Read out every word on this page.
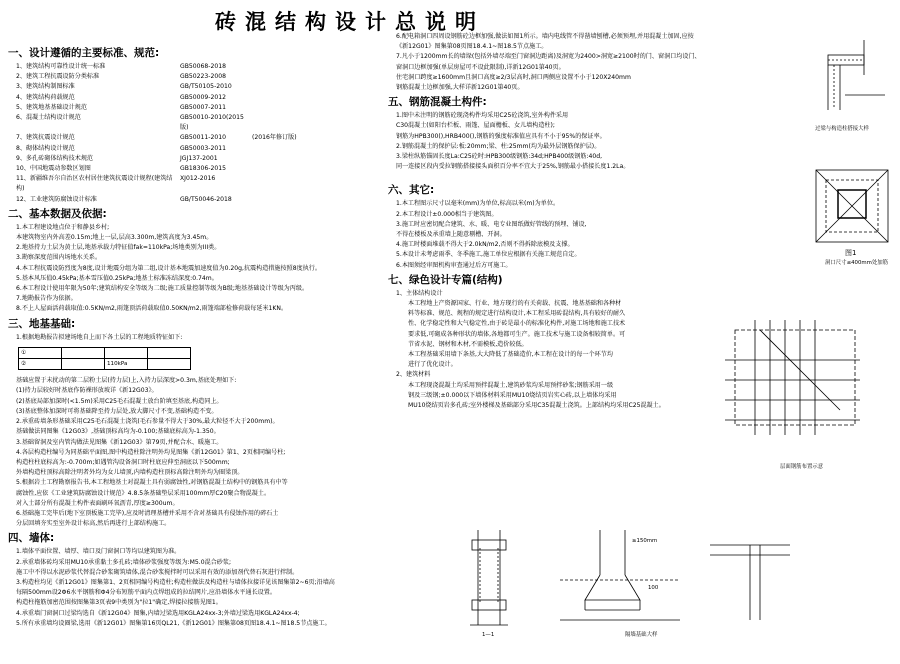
砖混结构设计总说明
一、设计遵循的主要标准、规范:
1、建筑结构可靠性设计统一标准	GB50068-2018
2、建筑工程抗震设防分类标准	GB50223-2008
3、建筑结构制图标准	GB/T50105-2010
4、建筑结构荷载规范	GB50009-2012
5、建筑地基基础设计规范	GB50007-2011
6、混凝土结构设计规范	GB50010-2010(2015版)
7、建筑抗震设计规范	GB50011-2010	(2016年修订版)
8、砌体结构设计规范	GB50003-2011
9、多孔砖砌体结构技术规范	JGJ137-2001
10、中国地震动参数区划图	GB18306-2015
11、新疆维吾尔自治区农村居住建筑抗震设计规程(建筑结构)
XJ012-2016
12、工业建筑防腐蚀设计标准	GB/T50046-2018
二、基本数据及依据:
1.本工程建设地点位于和静县乡村;
本建筑物室内外高差0.15m;地上一层,层高3.300m,建筑高度为3.45m。
2.地基持力土层为黄土层,地基承载力特征值fak=110kPa;场地类别为III类。
3.勘察深度范围内场地水关系。
4.本工程抗震设防烈度为8度,设计地震分组为第二组,设计基本地震加速度值为0.20g,抗震构造措施按照8度执行。
5.基本风压值0.45kPa;基本雪压值0.25kPa;地基土标准冻结深度:0.74m。
6.本工程设计使用年限为50年;建筑结构安全等级为二级;施工质量控制等级为B级;地基基础设计等级为丙级。
7.地勘报告作为依据。
8.不上人屋面活荷载取值:0.5KN/m2,雨篷顶活荷载取值0.50KN/m2,雨篷端部检修荷载每延米1KN。
三、地基基础:
1.根据地勘报告拟建场地自上而下各土层的工程地质特征如下:
①			
②		110kPa	
基础应置于未扰动的第二层粉土层(持力层)上,入持力层深度>0.3m,基底处理如下:
(1)持力层较好时基底作防裸形放坡详《新12G03》。
(2)基底局部加深时(<1.5m)采用C25毛石混凝土放台阶填至基底,构造同上。
(3)基底整体加深时可将基础降至持力层处,放大脚尺寸不变,基础构造不变。
2.承重砖墙条形基础采用C25毛石混凝土浇筑(毛石参量不得大于30%,最大粒径不大于200mm)。
基础做法同图集《12G03》,基础顶标高均为-0.100;基础底标高为-1.350。
3.基础留洞及室内管沟做法见图集《新12G03》第79页,并配合水、暖施工。
4.各层构造柱编号为同基础平面图,图中构造柱除注明外均见图集《新12G01》第1、2页相同编号柱;
构造柱柱底标高为:-0.700m;如遇管沟设备洞口时柱底应伸至洞底以下500mm;
外墙构造柱顶标高除注明者外均为女儿墙顶,内墙构造柱顶标高除注明外均为圈梁顶。
5.根据岩土工程勘察报告书,本工程地基土对混凝土具有弱腐蚀性,对钢筋混凝土结构中的钢筋具有中等
腐蚀性,应依《工业建筑防腐蚀设计规范》4.8.5条基础垫层采用100mm厚C20聚合物混凝土。
对入土部分所有混凝土构件表面刷环氧沥青,厚度≥300um。
6.基础施工完毕后(地下室顶板施工完毕),应及时清理基槽并采用不含对基础具有侵蚀作用的碎石土
分层回填夯实至室外设计标高,然后再进行上部结构施工。
四、墙体:
1.墙体平面位置、墙厚、墙口及门窗洞口等均以建筑图为准。
2.承重墙体砖均采用MU10承重黏土多孔砖;墙体砂浆强度等级为:M5.0混合砂浆;
施工中不得以水泥砂浆代替混合砂浆砌筑墙体,混合砂浆搅拌时可以采用有效的添加剂代替石灰进行拌制。
3.构造柱均见《新12G01》图集第1、2页相同编号构造柱;构造柱做法及构造柱与墙体拉接详见该图集第2~6页;沿墙高
每隔500mm设2Φ6水平钢筋和Φ4分布短筋平面内点焊组成的拉结网片,应沿墙体水平通长设置。
构造柱拖筋加密范围按图集第3页表9中类别为"拉1"确定,焊接拉接筋见图1。
4.承重墙门窗洞口过梁均选自《新12G04》图集,内墙过梁选用KGLA24xx-3;外墙过梁选用KGLA24xx-4;
5.所有承重墙均设圈梁,选用《新12G01》图集第16页QL21,《新12G01》图集第08页图18.4.1~图18.5节点施工。
6.配电箱洞口四周设钢筋砼边框加强,做法如图1所示。墙内电线管不得凿墙刨槽,必须预埋,并用混凝土加固,应按
《新12G01》图集第08页图18.4.1~图18.5节点施工。
7.凡小于1200mm长的墙垛(包括外墙尽端至门窗洞边距离)及洞宽为2400>洞宽≥2100时的门、窗洞口均设门、
窗洞口边框加强(单层房屋可不设此限制),详新12G01第40页。
住宅洞口跨度≥1600mm且洞口高度≥2/3层高时,洞口两侧应设置不小于120X240mm
钢筋混凝土边框加强,大样详新12G01第40页。
五、钢筋混凝土构件:
1.图中未注明的钢筋砼现浇构件均采用C25砼浇筑,室外构件采用
C30混凝土(如阳台栏板、雨篷、屋面檐板、女儿墙构造柱);
钢筋为HPB300(),HRB400(),钢筋的强度标准值应具有不小于95%的保证率。
2.钢筋混凝土的保护层:板:20mm;梁、柱:25mm(均为最外层钢筋保护层)。
3.梁柱纵筋锚固长度La:C25砼时:HPB300级钢筋:34d;HPB400级钢筋:40d,
同一连接区段内受拉钢筋搭接接头面积百分率不宜大于25%,钢筋最小搭接长度1.2La。
六、其它:
1.本工程图示尺寸以毫米(mm)为单位,标高以米(m)为单位。
2.本工程设计±0.000相当于建筑图。
3.施工时应密切配合建筑、水、暖、电专业图纸做好管线的预埋、铺设,
不得在楼板及承重墙上随意剔槽、开洞。
4.施工时楼面堆载不得大于2.0kN/m2,否则不得拆除底模及支撑。
5.本设计未考虑雨季、冬季施工,施工单位应根据有关施工规范自定。
6.本图须经审图机构审查通过后方可施工。
七、绿色设计专篇(结构)
1、主体结构设计
本工程地上产资源国家、行业、地方现行的有关荷载、抗震、地基基础和各种材
料等标准、规范、规程的规定进行结构设计,本工程采用砖混结构,具有较好的耐久
性、化学稳定性和大气稳定性,由于砖是最小的标准化构件,对施工场地和施工技术
要求低,可砌成各种形状的墙体,各地都可生产。施工技术与施工设备相较简单。可
节省水泥、钢材和木材,不需模板,造价较低。
本工程基础采用墙下条基,大大降低了基础造价,本工程在设计的每一个环节均
进行了优化设计。
2、建筑材料
本工程现浇混凝土均采用预拌混凝土,建筑砂浆均采用预拌砂浆;钢筋采用一级
钢及三级钢;±0.000以下墙体材料采用MU10烧结页岩实心砖,以上墙体均采用
MU10烧结页岩多孔砖;室外楼梯及基础部分采用C35混凝土浇筑。上部结构均采用C25混凝土。
过梁与构造柱搭接大样
图1
洞口尺寸≤400mm处加筋
层面钢筋布置示意
1—1	隔墙基础大样
≥150mm
100
